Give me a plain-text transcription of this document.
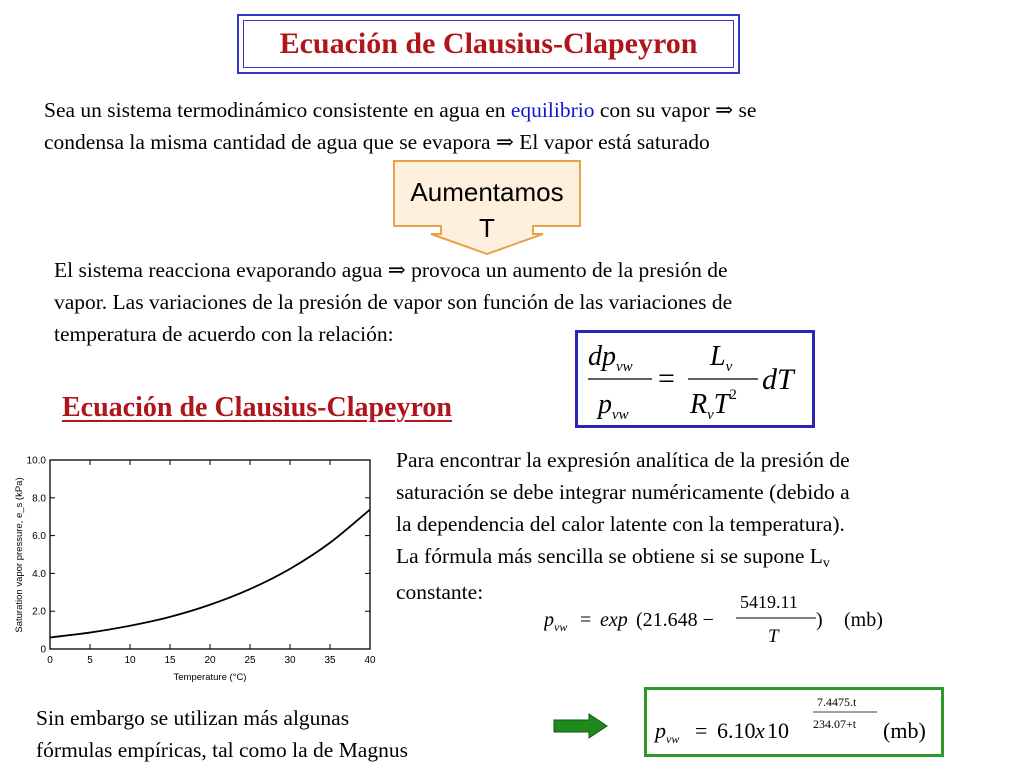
Ecuación de Clausius-Clapeyron
Sea un sistema termodinámico consistente en agua en equilibrio con su vapor ⇒ se
condensa la misma cantidad de agua que se evapora ⇒ El vapor está saturado
Aumentamos
T
El sistema reacciona evaporando agua ⇒ provoca un aumento de la presión de
vapor. Las variaciones de la presión de vapor son función de las variaciones de
temperatura de acuerdo con la relación:
$dp_{vw}$
$p_{vw}$
=
$L_v$
$R_vT^2$ dT
Ecuación de Clausius-Clapeyron
0
2.0
4.0
6.0
8.0
10.0
0	5	10	15	20	25	30	35	40
Temperature (°C)
Saturation vapor pressure, e_s (kPa)
Para encontrar la expresión analítica de la presión de
saturación se debe integrar numéricamente (debido a
la dependencia del calor latente con la temperatura).
La fórmula más sencilla se obtiene si se supone Lv
constante:
$p_{vw} = \exp (21.648$ −
5419.11
T
) (mb)
Sin embargo se utilizan más algunas
fórmulas empíricas, tal como la de Magnus
$p_{vw} = 6.10$ x 10
7.4475.t
234.07+t (mb)
